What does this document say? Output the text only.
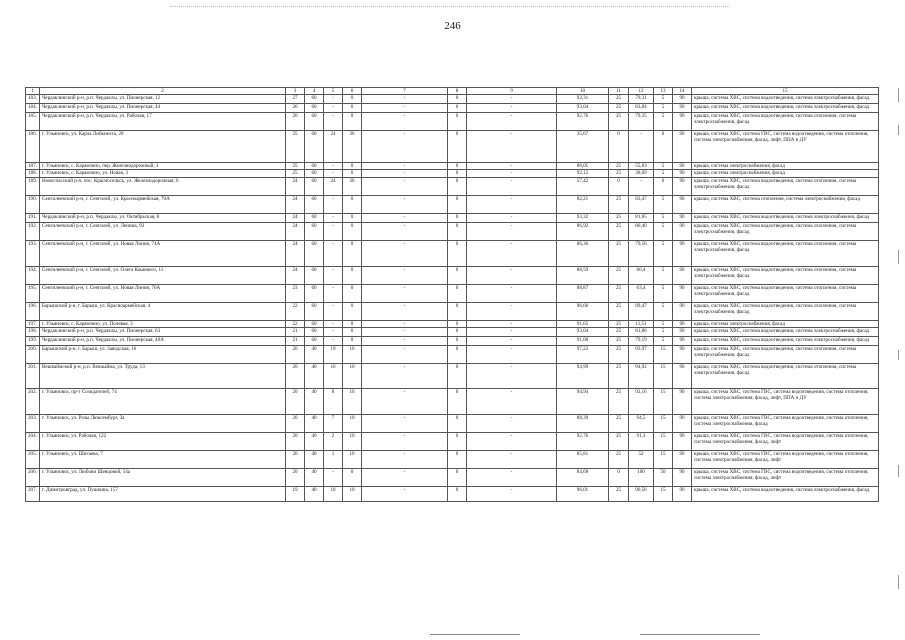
246
1	2	3	4	5	6	7	8	9	10	11	12	13	14	15
183.	Чердаклинский р-н, р.п. Чердаклы, ул. Пионерская, 12	27	60	-	0	-	0	-	92,31	25	79,31	5	90	крыша, система ХВС, система водоотведения, система электроснабжения, фасад
184.	Чердаклинский р-н, р.п. Чердаклы, ул. Пионерская, 44	26	60	-	0	-	0	-	93,04	25	83,84	5	90	крыша, система ХВС, система водоотведения, система электроснабжения, фасад
185.	Чердаклинский р-н, р.п. Чердаклы, ул. Рабочая, 17	26	60	-	0	-	0	-	92,76	25	79,35	5	90	крыша, система ХВС, система водоотведения, система отопления, система электроснабжения, фасад
186.	г. Ульяновск, ул. Карла Либкнехта, 28	25	60	24	36	-	0	-	35,67	0	-	0	90	крыша, система ХВС, система ГВС, система водоотведения, система отопления, система электроснабжения, фасад, лифт, ППА и ДУ
187.	г. Ульяновск, с. Карамзино, пер. Железнодорожный, 1	25	60	-	0	-	0	-	88,05	25	55,83	5	90	крыша, система электроснабжения, фасад
188.	г. Ульяновск, с. Карамзино, ул. Новая, 3	25	60	-	0	-	0	-	92,12	25	38,09	5	90	крыша, система электроснабжения, фасад
189.	Новоспасский р-н, пос. Красносельск, ул. Железнодорожная, 6	24	60	24	36	-	0	-	57,42	0	-	0	90	крыша, система ХВС, система водоотведения, система отопления, система электроснабжения, фасад
190.	Сенгилеевский р-н, г. Сенгилей, ул. Красноармейская, 70А	24	60	-	0	-	0	-	82,21	25	83,47	5	90	крыша, система ХВС, система отопления, система электроснабжения, фасад
191.	Чердаклинский р-н, р.п. Чердаклы, ул. Октябрьская, 8	24	60	-	0	-	0	-	93,32	25	81,85	5	90	крыша, система ХВС, система водоотведения, система электроснабжения, фасад
192.	Сенгилеевский р-н, г. Сенгилей, ул. Ленина, 93	24	60	-	0	-	0	-	86,92	25	80,40	5	90	крыша, система ХВС, система водоотведения, система отопления, система электроснабжения, фасад
193.	Сенгилеевский р-н, г. Сенгилей, ул. Новая Линия, 74А	24	60	-	0	-	0	-	86,36	25	79,56	5	90	крыша, система ХВС, система водоотведения, система отопления, система электроснабжения, фасад
194.	Сенгилеевский р-н, г. Сенгилей, ул. Олега Кошевого, 11	24	60	-	0	-	0	-	88,59	25	66,4	5	90	крыша, система ХВС, система водоотведения, система отопления, система электроснабжения, фасад
195.	Сенгилеевский р-н, г. Сенгилей, ул. Новая Линия, 76А	23	60	-	0	-	0	-	88,87	25	63,4	5	90	крыша, система ХВС, система водоотведения, система отопления, система электроснабжения, фасад
196.	Барышский р-н, г. Барыш, ул. Красноармейская, 4	22	60	-	0	-	0	-	96,66	25	89,47	5	90	крыша, система ХВС, система водоотведения, система отопления, система электроснабжения, фасад
197.	г. Ульяновск, с. Карамзино, ул. Полевая, 3	22	60	-	0	-	0	-	91,65	25	11,51	5	90	крыша, система электроснабжения, фасад
198.	Чердаклинский р-н, р.п. Чердаклы, ул. Пионерская, 63	21	60	-	0	-	0	-	93,04	25	81,86	5	90	крыша, система ХВС, система водоотведения, система электроснабжения, фасад
199.	Чердаклинский р-н, р.п. Чердаклы, ул. Пионерская, 40А	21	60	-	0	-	0	-	91,08	25	79,19	5	90	крыша, система ХВС, система водоотведения, система электроснабжения, фасад
200.	Барышский р-н, г. Барыш, ул. Заводская, 16	20	40	19	10	-	0	-	97,22	25	93,97	15	90	крыша, система ХВС, система водоотведения, система отопления, система электроснабжения, фасад
201.	Вешкаймский р-н, р.п. Вешкайма, ул. Труда, 13	20	40	16	10	-	0	-	94,99	25	94,92	15	90	крыша, система ХВС, система водоотведения, система отопления, система электроснабжения, фасад
202.	г. Ульяновск, пр-т Созидателей, 74	20	40	8	10	-	0	-	94,94	25	92,16	15	90	крыша, система ХВС, система ГВС, система водоотведения, система отопления, система электроснабжения, фасад, лифт, ППА и ДУ
203.	г. Ульяновск, ул. Розы Люксембург, 3а	20	40	7	10	-	0	-	88,39	25	94,5	15	90	крыша, система ХВС, система ГВС, система водоотведения, система отопления, система электроснабжения, фасад
204.	г. Ульяновск, ул. Рабочая, 122	20	40	2	10	-	0	-	92,76	25	91,3	15	90	крыша, система ХВС, система ГВС, система водоотведения, система отопления, система электроснабжения, фасад, лифт
205.	г. Ульяновск, ул. Шигаева, 7	20	40	1	10	-	0	-	85,81	25	52	15	90	крыша, система ХВС, система ГВС, система водоотведения, система отопления, система электроснабжения, фасад, лифт
206.	г. Ульяновск, ул. Любови Шевцовой, 54а	20	40	-	0	-	0	-	84,68	0	100	50	90	крыша, система ХВС, система ГВС, система водоотведения, система отопления, система электроснабжения, фасад, лифт
207.	г. Димитровград, ул. Пушкина, 157	19	40	18	10	-	0	-	96,01	25	90,56	15	90	крыша, система ХВС, система водоотведения, система электроснабжения, фасад
